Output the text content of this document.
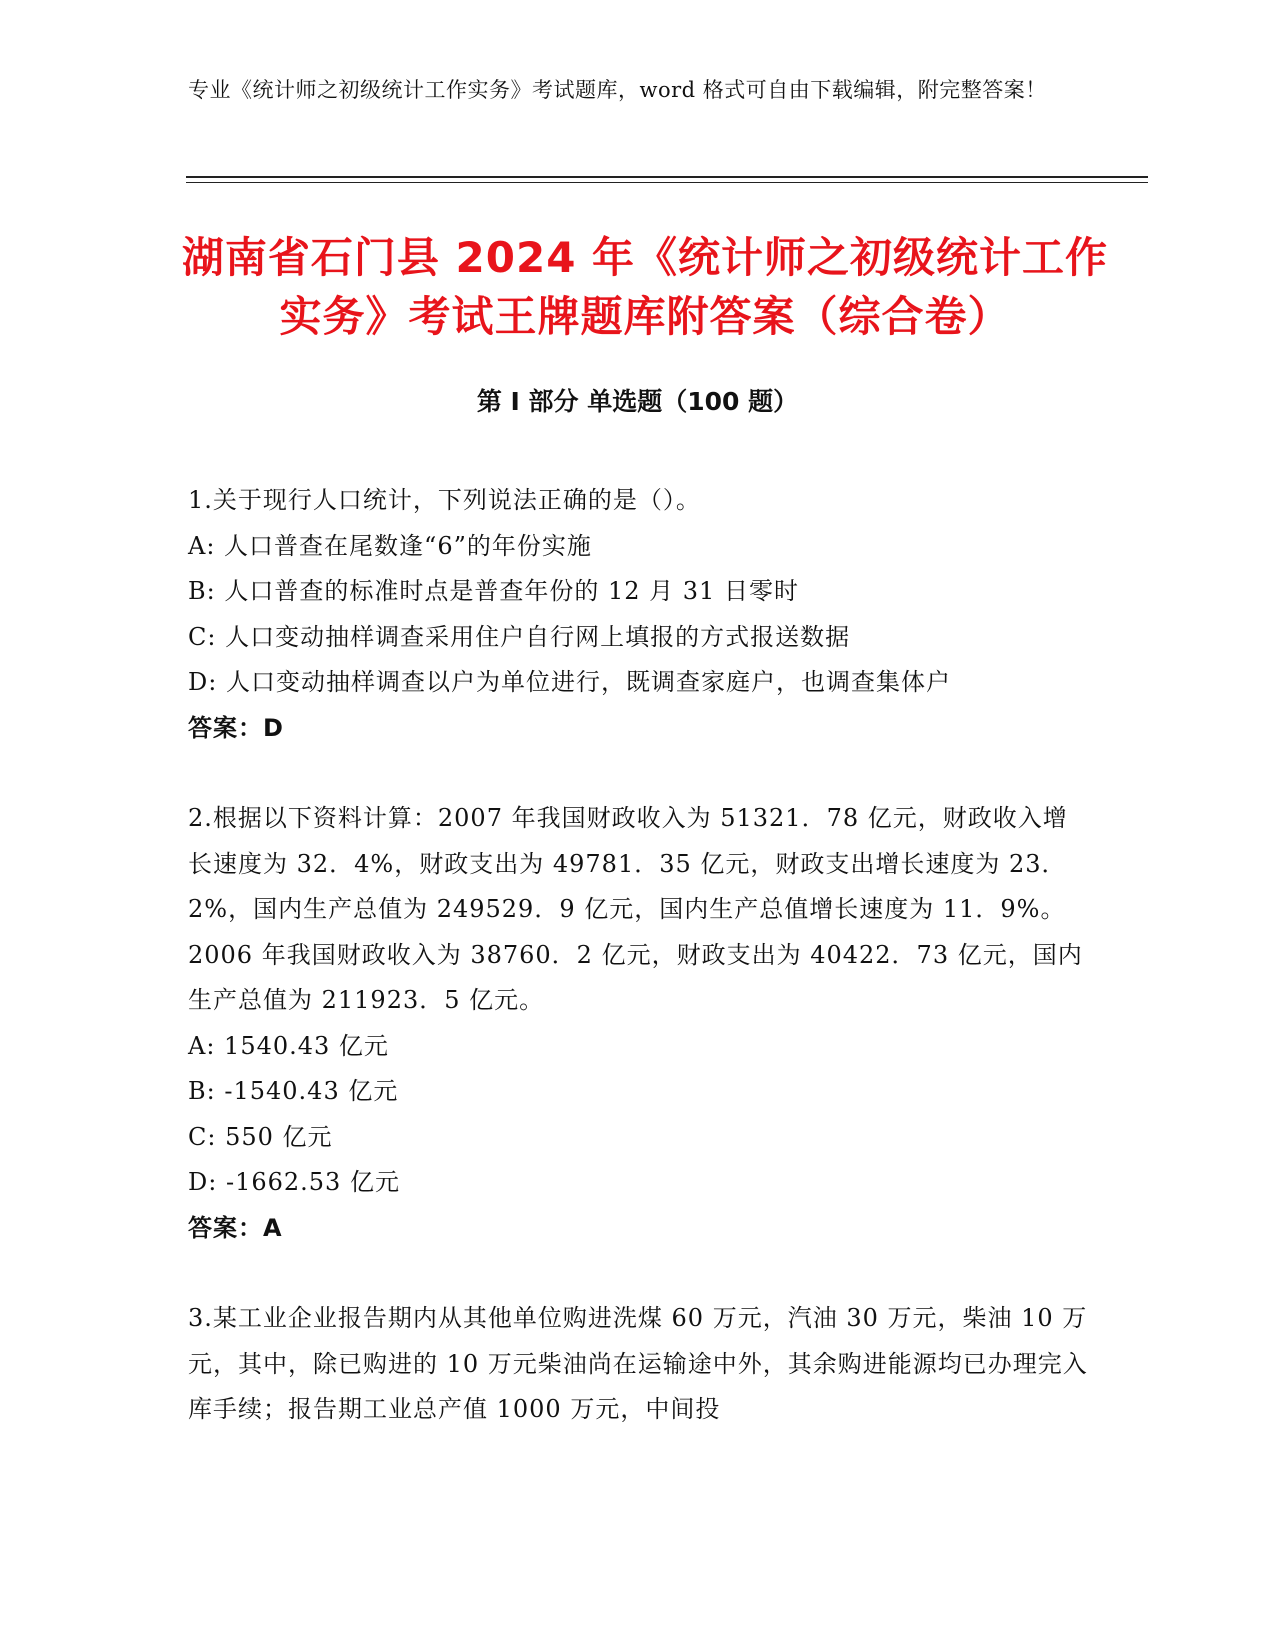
专业《统计师之初级统计工作实务》考试题库，word 格式可自由下载编辑，附完整答案！
湖南省石门县 2024 年《统计师之初级统计工作实务》考试王牌题库附答案（综合卷）
第 I 部分 单选题（100 题）
1.关于现行人口统计，下列说法正确的是（）。
A: 人口普查在尾数逢“6”的年份实施
B: 人口普查的标准时点是普查年份的 12 月 31 日零时
C: 人口变动抽样调查采用住户自行网上填报的方式报送数据
D: 人口变动抽样调查以户为单位进行，既调查家庭户，也调查集体户
答案：D
2.根据以下资料计算：2007 年我国财政收入为 51321．78 亿元，财政收入增长速度为 32．4%，财政支出为 49781．35 亿元，财政支出增长速度为 23．2%，国内生产总值为 249529．9 亿元，国内生产总值增长速度为 11．9%。2006 年我国财政收入为 38760．2 亿元，财政支出为 40422．73 亿元，国内生产总值为 211923．5 亿元。
A: 1540.43 亿元
B: -1540.43 亿元
C: 550 亿元
D: -1662.53 亿元
答案：A
3.某工业企业报告期内从其他单位购进洗煤 60 万元，汽油 30 万元，柴油 10 万元，其中，除已购进的 10 万元柴油尚在运输途中外，其余购进能源均已办理完入库手续；报告期工业总产值 1000 万元，中间投
